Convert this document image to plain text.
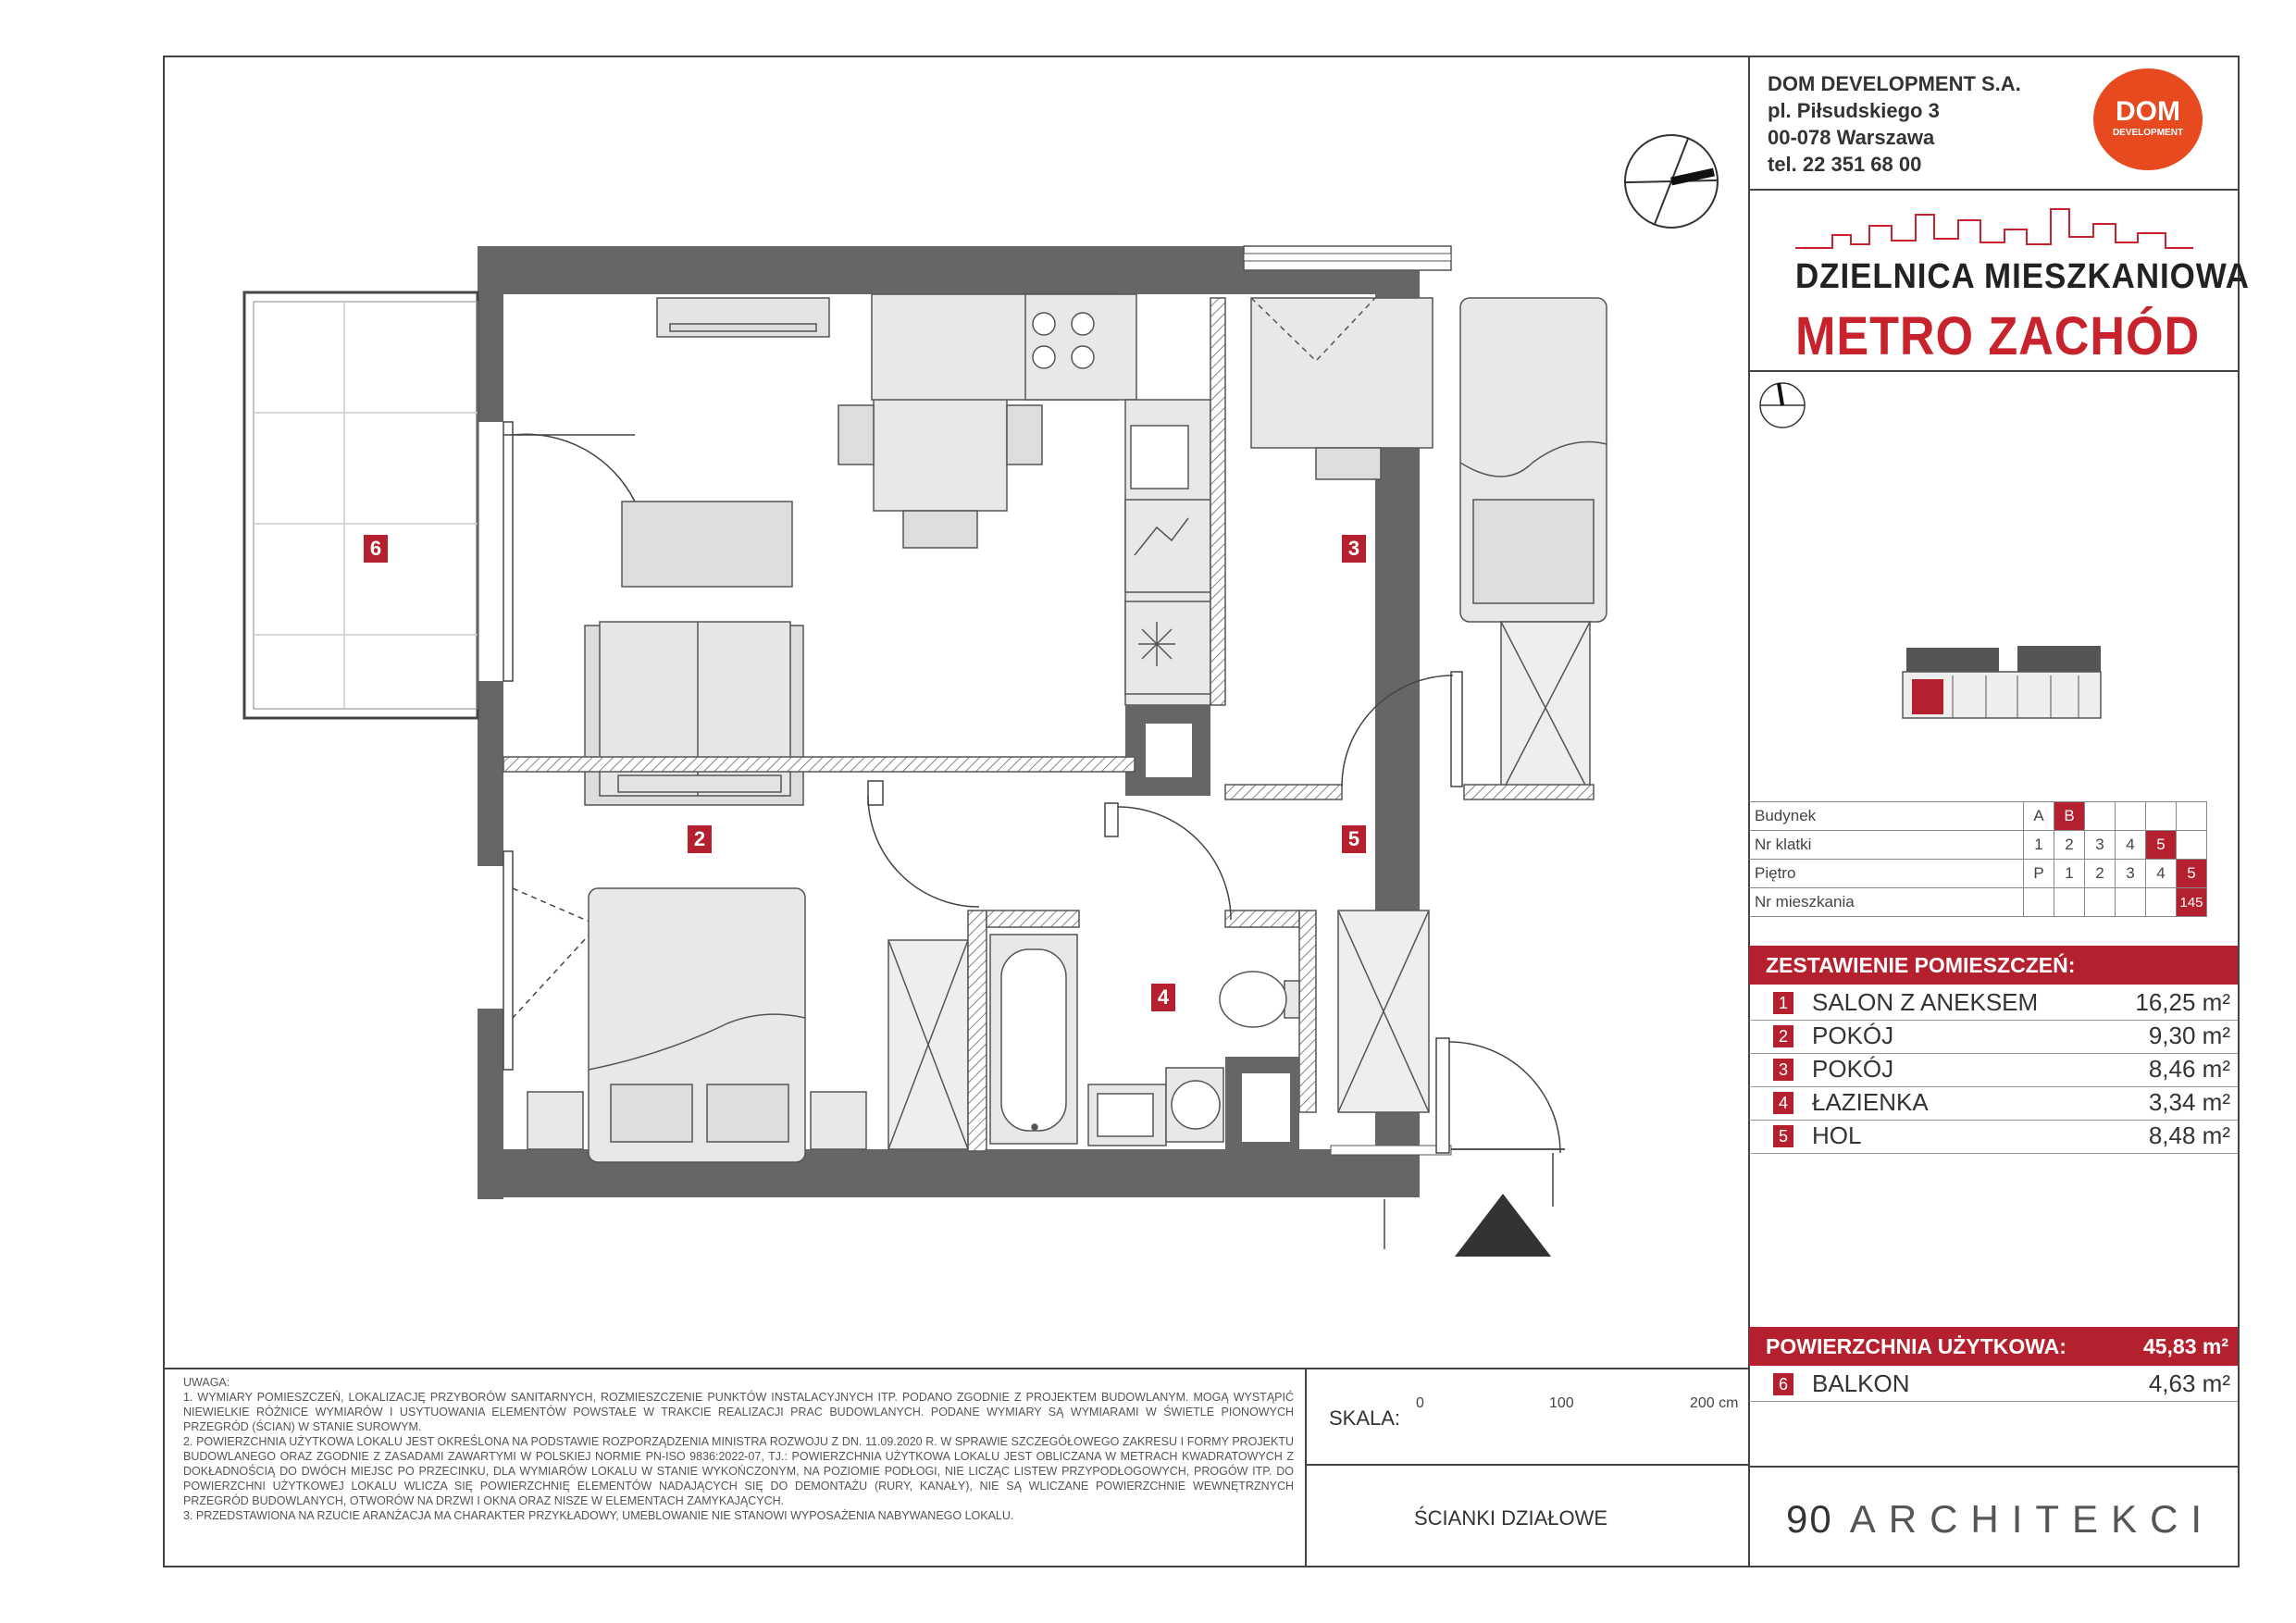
6	3
2	5
4
DOM DEVELOPMENT S.A.
pl. Piłsudskiego 3
00-078 Warszawa
tel. 22 351 68 00
DOM
DEVELOPMENT
DZIELNICA MIESZKANIOWA
METRO ZACHÓD
Budynek	A	B				
Nr klatki	1	2	3	4	5	
Piętro	P	1	2	3	4	5
Nr mieszkania						145
ZESTAWIENIE POMIESZCZEŃ:
1 SALON Z ANEKSEM	16,25 m²
2 POKÓJ	9,30 m²
3 POKÓJ	8,46 m²
4 ŁAZIENKA	3,34 m²
5 HOL	8,48 m²
POWIERZCHNIA UŻYTKOWA:	45,83 m²
6 BALKON	4,63 m²
UWAGA:
1. WYMIARY POMIESZCZEŃ, LOKALIZACJĘ PRZYBORÓW SANITARNYCH, ROZMIESZCZENIE PUNKTÓW INSTALACYJNYCH ITP. PODANO ZGODNIE Z PROJEKTEM BUDOWLANYM. MOGĄ WYSTĄPIĆ NIEWIELKIE RÓŻNICE WYMIARÓW I USYTUOWANIA ELEMENTÓW POWSTAŁE W TRAKCIE REALIZACJI PRAC BUDOWLANYCH. PODANE WYMIARY SĄ WYMIARAMI W ŚWIETLE PIONOWYCH PRZEGRÓD (ŚCIAN) W STANIE SUROWYM.
2. POWIERZCHNIA UŻYTKOWA LOKALU JEST OKREŚLONA NA PODSTAWIE ROZPORZĄDZENIA MINISTRA ROZWOJU Z DN. 11.09.2020 R. W SPRAWIE SZCZEGÓŁOWEGO ZAKRESU I FORMY PROJEKTU BUDOWLANEGO ORAZ ZGODNIE Z ZASADAMI ZAWARTYMI W POLSKIEJ NORMIE PN-ISO 9836:2022-07, TJ.: POWIERZCHNIA UŻYTKOWA LOKALU JEST OBLICZANA W METRACH KWADRATOWYCH Z DOKŁADNOŚCIĄ DO DWÓCH MIEJSC PO PRZECINKU, DLA WYMIARÓW LOKALU W STANIE WYKOŃCZONYM, NA POZIOMIE PODŁOGI, NIE LICZĄC LISTEW PRZYPODŁOGOWYCH, PROGÓW ITP. DO POWIERZCHNI UŻYTKOWEJ LOKALU WLICZA SIĘ POWIERZCHNIĘ ELEMENTÓW NADAJĄCYCH SIĘ DO DEMONTAŻU (RURY, KANAŁY), NIE SĄ WLICZANE POWIERZCHNIE WEWNĘTRZNYCH PRZEGRÓD BUDOWLANYCH, OTWORÓW NA DRZWI I OKNA ORAZ NISZE W ELEMENTACH ZAMYKAJĄCYCH.
3. PRZEDSTAWIONA NA RZUCIE ARANŻACJA MA CHARAKTER PRZYKŁADOWY, UMEBLOWANIE NIE STANOWI WYPOSAŻENIA NABYWANEGO LOKALU.
SKALA:
0	100	200 cm
ŚCIANKI DZIAŁOWE	90 ARCHITEKCI
